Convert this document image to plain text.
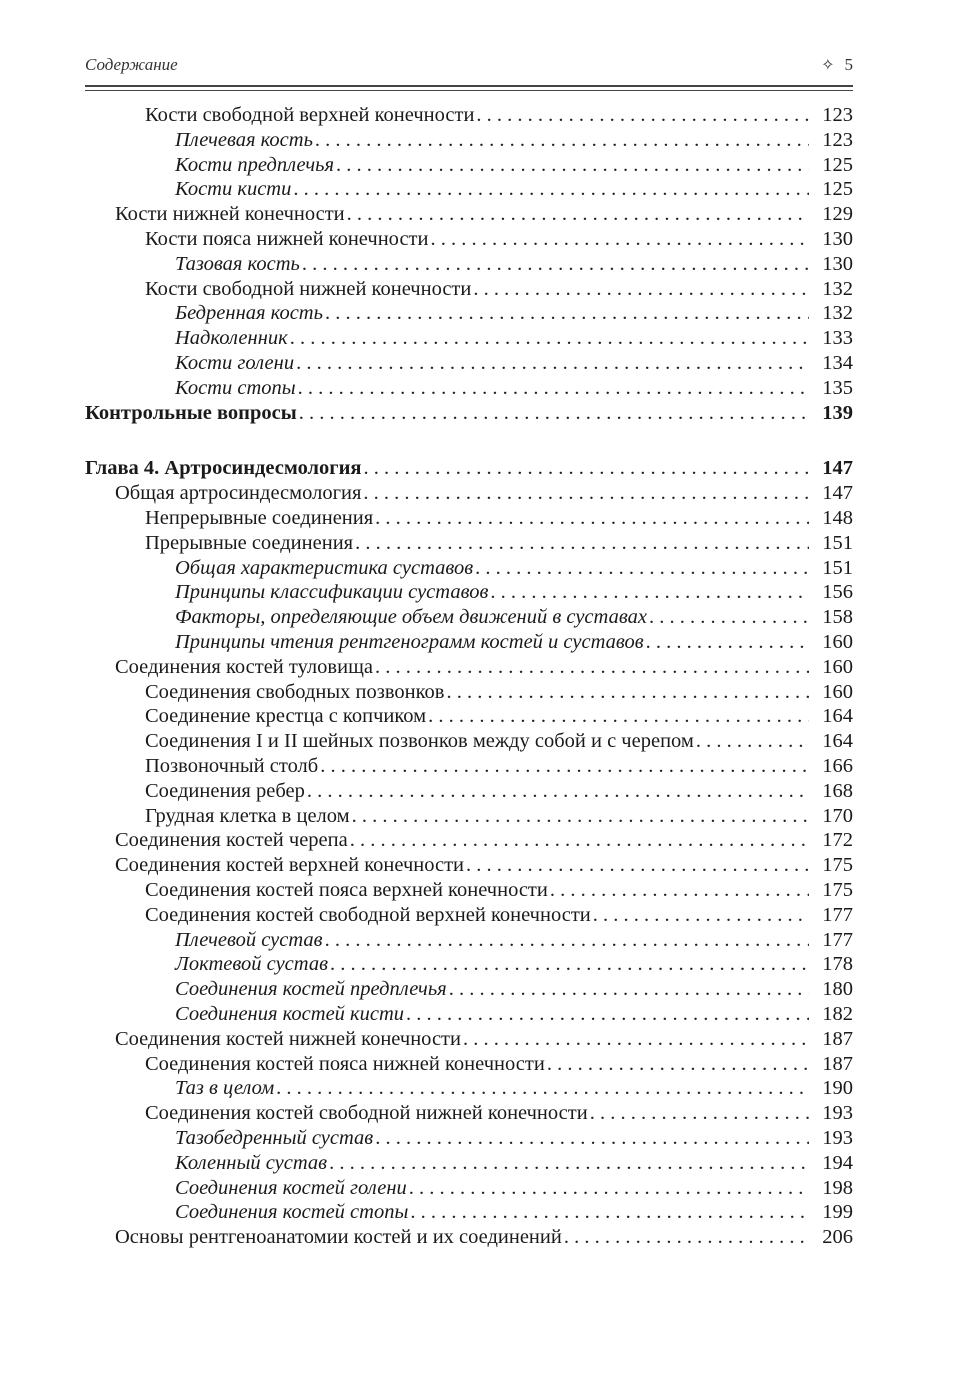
Содержание	✧ 5
Кости свободной верхней конечности . . .	123
Плечевая кость . . .	123
Кости предплечья . . .	125
Кости кисти . . .	125
Кости нижней конечности . . .	129
Кости пояса нижней конечности . . .	130
Тазовая кость . . .	130
Кости свободной нижней конечности . . .	132
Бедренная кость . . .	132
Надколенник . . .	133
Кости голени . . .	134
Кости стопы . . .	135
Контрольные вопросы . . .	139
Глава 4. Артросиндесмология . . .	147
Общая артросиндесмология . . .	147
Непрерывные соединения . . .	148
Прерывные соединения . . .	151
Общая характеристика суставов . . .	151
Принципы классификации суставов . . .	156
Факторы, определяющие объем движений в суставах . . .	158
Принципы чтения рентгенограмм костей и суставов . . .	160
Соединения костей туловища . . .	160
Соединения свободных позвонков . . .	160
Соединение крестца с копчиком . . .	164
Соединения I и II шейных позвонков между собой и с черепом . . .	164
Позвоночный столб . . .	166
Соединения ребер . . .	168
Грудная клетка в целом . . .	170
Соединения костей черепа . . .	172
Соединения костей верхней конечности . . .	175
Соединения костей пояса верхней конечности . . .	175
Соединения костей свободной верхней конечности . . .	177
Плечевой сустав . . .	177
Локтевой сустав . . .	178
Соединения костей предплечья . . .	180
Соединения костей кисти . . .	182
Соединения костей нижней конечности . . .	187
Соединения костей пояса нижней конечности . . .	187
Таз в целом . . .	190
Соединения костей свободной нижней конечности . . .	193
Тазобедренный сустав . . .	193
Коленный сустав . . .	194
Соединения костей голени . . .	198
Соединения костей стопы . . .	199
Основы рентгеноанатомии костей и их соединений . . .	206
